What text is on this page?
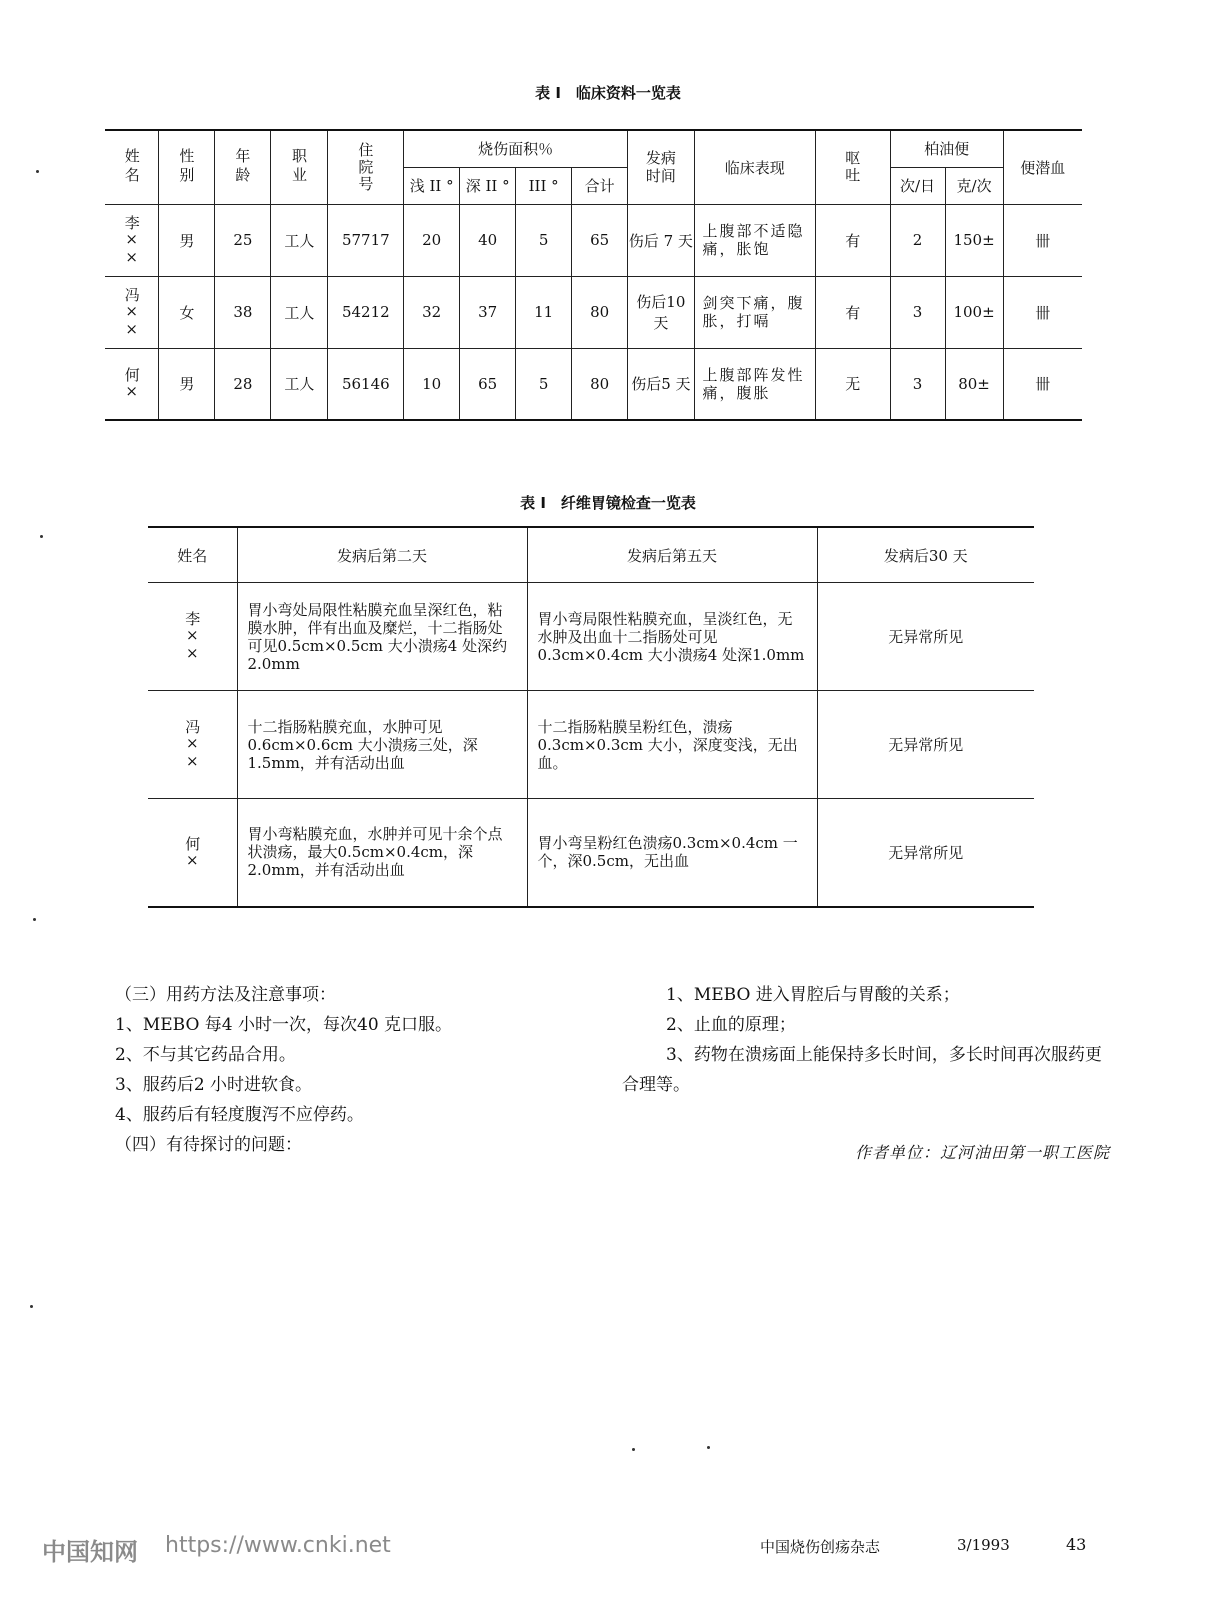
表 I　临床资料一览表
姓名	性别	年龄	职业	住院号	烧伤面积％				发病时间	临床表现	呕吐	柏油便		便潜血
					浅 II °	深 II °	III °	合计				次/日	克/次	
李××	男	25	工人	57717	20	40	5	65	伤后 7 天	上腹部不适隐痛，胀饱	有	2	150±	卌
冯××	女	38	工人	54212	32	37	11	80	伤后10 天	剑突下痛，腹胀，打嗝	有	3	100±	卌
何×	男	28	工人	56146	10	65	5	80	伤后5 天	上腹部阵发性痛，腹胀	无	3	80±	卌
表 I　纤维胃镜检查一览表
姓名	发病后第二天	发病后第五天	发病后30 天
李××	胃小弯处局限性粘膜充血呈深红色，粘膜水肿，伴有出血及糜烂，十二指肠处可见0.5cm×0.5cm 大小溃疡4 处深约2.0mm	胃小弯局限性粘膜充血，呈淡红色，无水肿及出血十二指肠处可见0.3cm×0.4cm 大小溃疡4 处深1.0mm	无异常所见
冯××	十二指肠粘膜充血，水肿可见0.6cm×0.6cm 大小溃疡三处，深1.5mm，并有活动出血	十二指肠粘膜呈粉红色，溃疡0.3cm×0.3cm 大小，深度变浅，无出血。	无异常所见
何×	胃小弯粘膜充血，水肿并可见十余个点状溃疡，最大0.5cm×0.4cm，深2.0mm，并有活动出血	胃小弯呈粉红色溃疡0.3cm×0.4cm 一个，深0.5cm，无出血	无异常所见
（三）用药方法及注意事项：
1、MEBO 每4 小时一次，每次40 克口服。
2、不与其它药品合用。
3、服药后2 小时进软食。
4、服药后有轻度腹泻不应停药。
（四）有待探讨的问题：
1、MEBO 进入胃腔后与胃酸的关系；
2、止血的原理；
3、药物在溃疡面上能保持多长时间，多长时间再次服药更合理等。
作者单位：辽河油田第一职工医院
中国知网 https://www.cnki.net	中国烧伤创疡杂志	3/1993	43
